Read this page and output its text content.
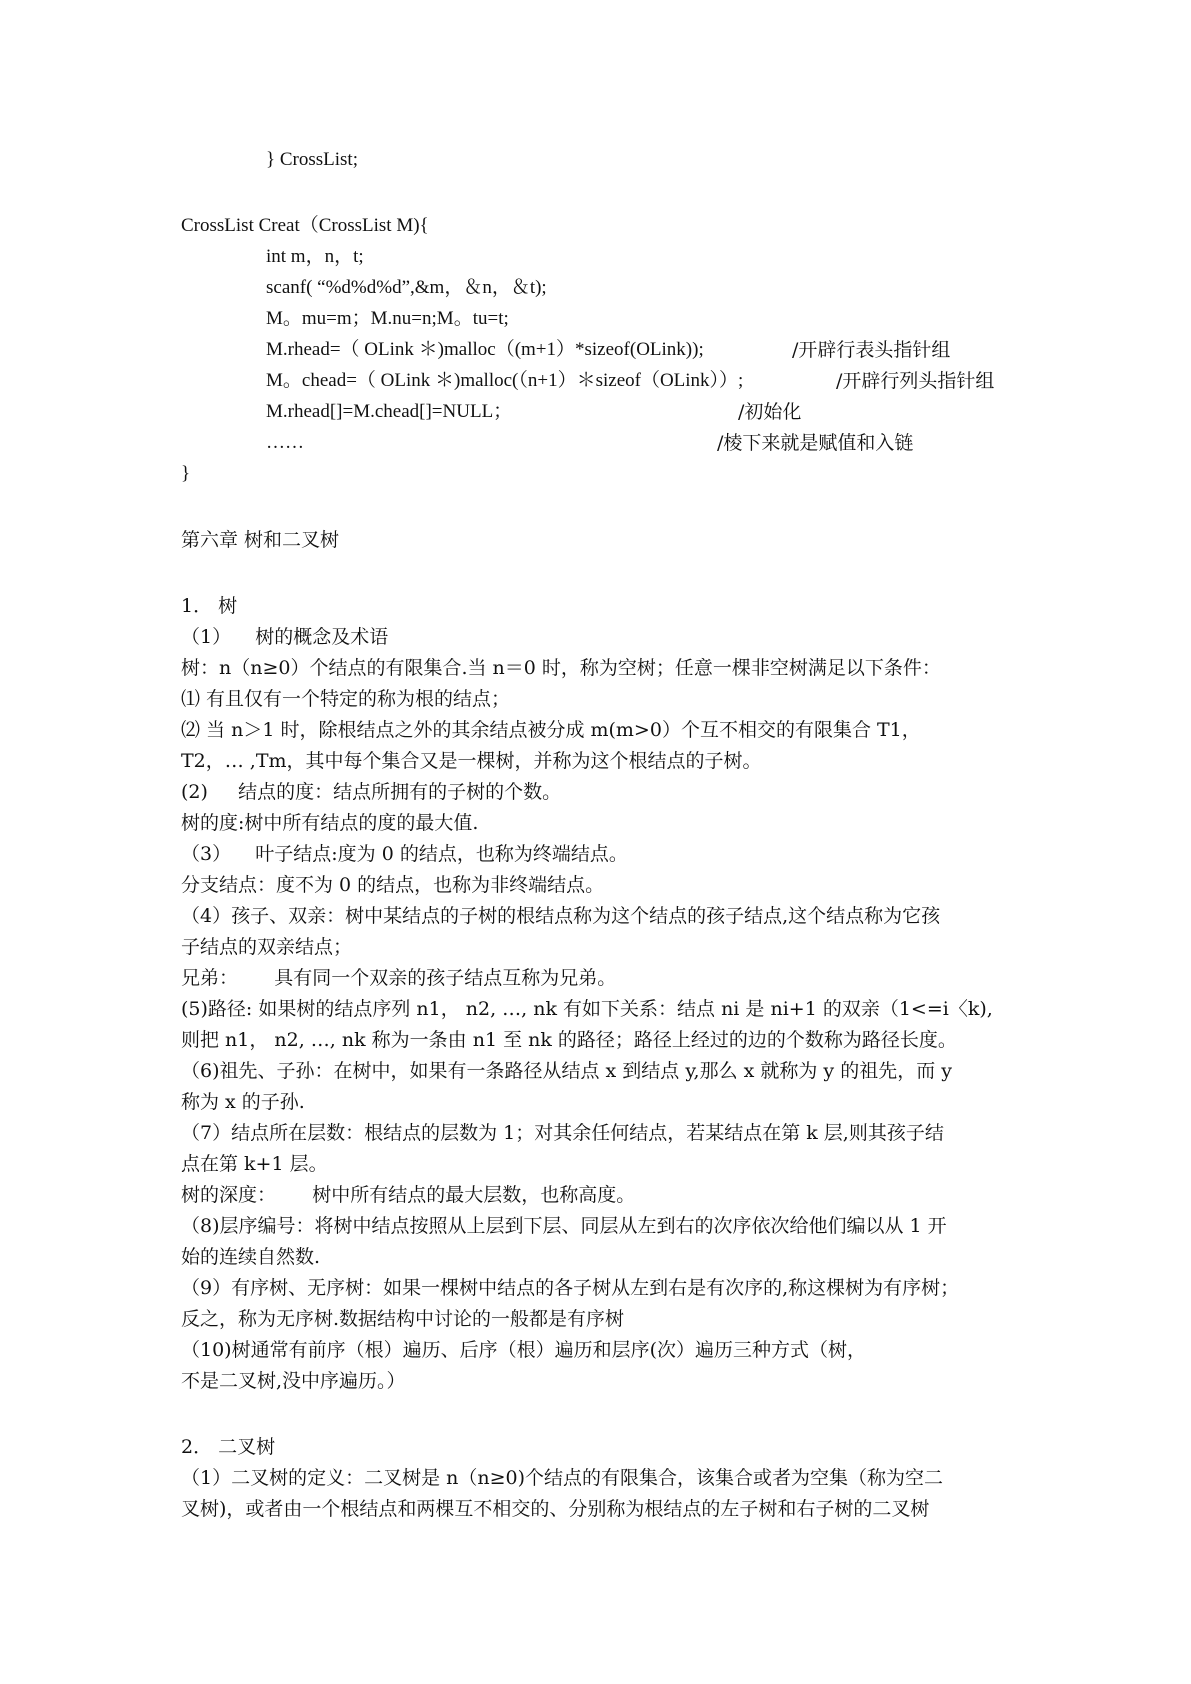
} CrossList;
CrossList Creat（CrossList M){
int m，n，t;
scanf( “%d%d%d”,&m，＆n，＆t);
M。mu=m；M.nu=n;M。tu=t;
M.rhead=（ OLink ＊)malloc（(m+1）*sizeof(OLink));	/开辟行表头指针组
M。chead=（ OLink ＊)malloc(（n+1）＊sizeof（OLink））;	/开辟行列头指针组
M.rhead[]=M.chead[]=NULL；	/初始化
……	/棱下来就是赋值和入链
}
第六章 树和二叉树
1． 树
（1）    树的概念及术语
树：n（n≥0）个结点的有限集合.当 n＝0 时，称为空树；任意一棵非空树满足以下条件：
⑴ 有且仅有一个特定的称为根的结点；
⑵ 当 n＞1 时，除根结点之外的其余结点被分成 m(m>0）个互不相交的有限集合 T1，
T2，… ,Tm，其中每个集合又是一棵树，并称为这个根结点的子树。
(2)     结点的度：结点所拥有的子树的个数。
树的度:树中所有结点的度的最大值.
（3）    叶子结点:度为 0 的结点，也称为终端结点。
分支结点：度不为 0 的结点，也称为非终端结点。
（4）孩子、双亲：树中某结点的子树的根结点称为这个结点的孩子结点,这个结点称为它孩
子结点的双亲结点；
兄弟：      具有同一个双亲的孩子结点互称为兄弟。
(5)路径: 如果树的结点序列 n1， n2, …, nk 有如下关系：结点 ni 是 ni+1 的双亲（1<=i〈k),
则把 n1， n2, …, nk 称为一条由 n1 至 nk 的路径；路径上经过的边的个数称为路径长度。
（6)祖先、子孙：在树中，如果有一条路径从结点 x 到结点 y,那么 x 就称为 y 的祖先，而 y
称为 x 的子孙.
（7）结点所在层数：根结点的层数为 1；对其余任何结点，若某结点在第 k 层,则其孩子结
点在第 k+1 层。
树的深度：      树中所有结点的最大层数，也称高度。
（8)层序编号：将树中结点按照从上层到下层、同层从左到右的次序依次给他们编以从 1 开
始的连续自然数.
（9）有序树、无序树：如果一棵树中结点的各子树从左到右是有次序的,称这棵树为有序树；
反之，称为无序树.数据结构中讨论的一般都是有序树
（10)树通常有前序（根）遍历、后序（根）遍历和层序(次）遍历三种方式（树，
不是二叉树,没中序遍历。）
2． 二叉树
（1）二叉树的定义：二叉树是 n（n≥0)个结点的有限集合，该集合或者为空集（称为空二
叉树)，或者由一个根结点和两棵互不相交的、分别称为根结点的左子树和右子树的二叉树
